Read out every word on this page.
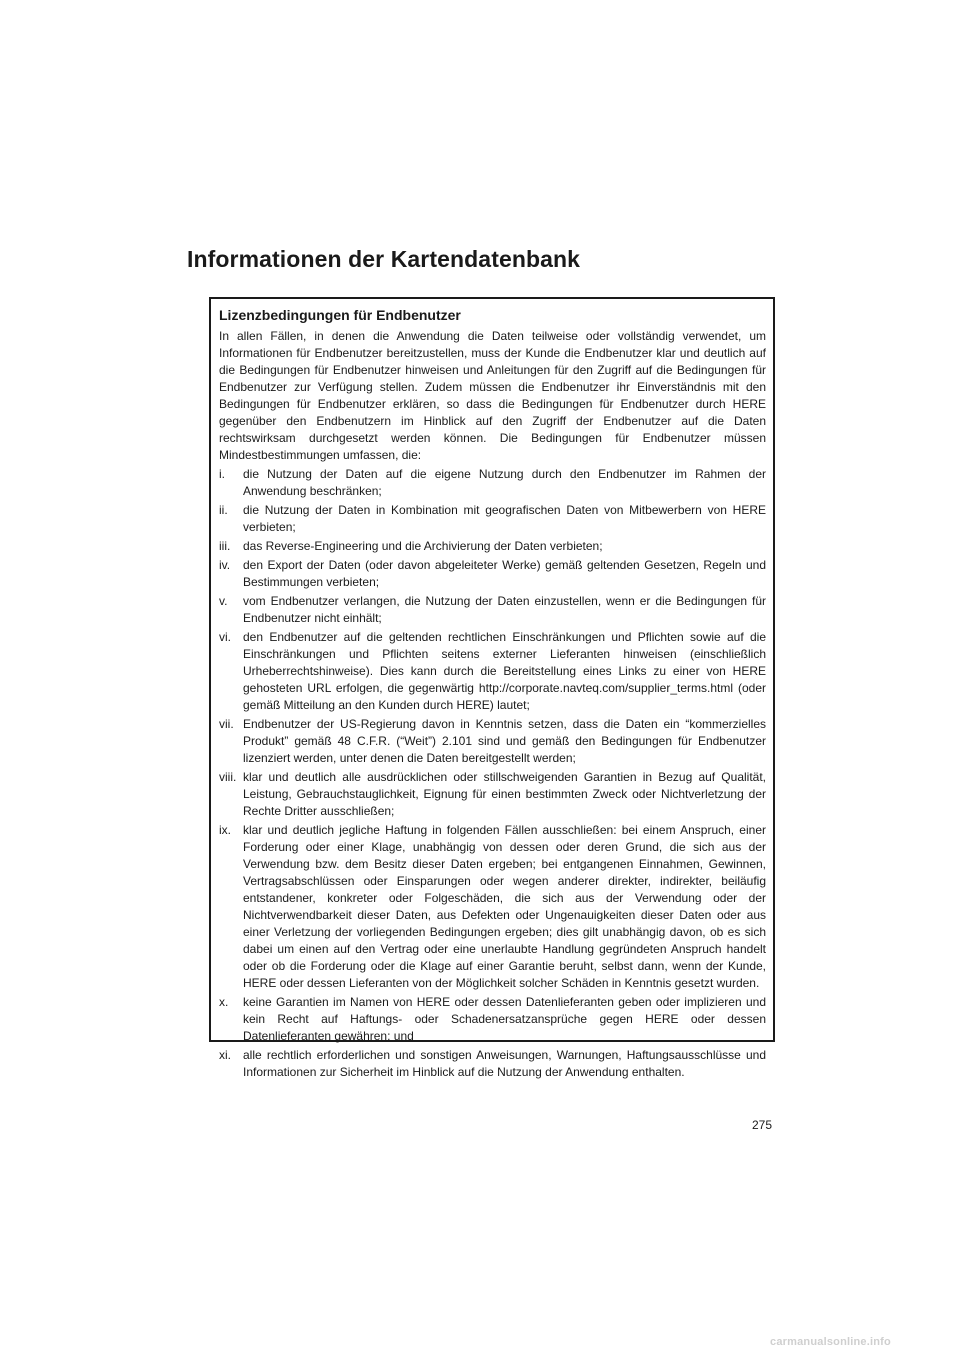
Informationen der Kartendatenbank
Lizenzbedingungen für Endbenutzer

In allen Fällen, in denen die Anwendung die Daten teilweise oder vollständig verwendet, um Informationen für Endbenutzer bereitzustellen, muss der Kunde die Endbenutzer klar und deutlich auf die Bedingungen für Endbenutzer hinweisen und Anleitungen für den Zugriff auf die Bedingungen für Endbenutzer zur Verfügung stellen. Zudem müssen die Endbenutzer ihr Einverständnis mit den Bedingungen für Endbenutzer erklären, so dass die Bedingungen für Endbenutzer durch HERE gegenüber den Endbenutzern im Hinblick auf den Zugriff der Endbenutzer auf die Daten rechtswirksam durchgesetzt werden können. Die Bedingungen für Endbenutzer müssen Mindestbestimmungen umfassen, die:

i. die Nutzung der Daten auf die eigene Nutzung durch den Endbenutzer im Rahmen der Anwendung beschränken;
ii. die Nutzung der Daten in Kombination mit geografischen Daten von Mitbewerbern von HERE verbieten;
iii. das Reverse-Engineering und die Archivierung der Daten verbieten;
iv. den Export der Daten (oder davon abgeleiteter Werke) gemäß geltenden Gesetzen, Regeln und Bestimmungen verbieten;
v. vom Endbenutzer verlangen, die Nutzung der Daten einzustellen, wenn er die Bedingungen für Endbenutzer nicht einhält;
vi. den Endbenutzer auf die geltenden rechtlichen Einschränkungen und Pflichten sowie auf die Einschränkungen und Pflichten seitens externer Lieferanten hinweisen (einschließlich Urheberrechtshinweise). Dies kann durch die Bereitstellung eines Links zu einer von HERE gehosteten URL erfolgen, die gegenwärtig http://corporate.navteq.com/supplier_terms.html (oder gemäß Mitteilung an den Kunden durch HERE) lautet;
vii. Endbenutzer der US-Regierung davon in Kenntnis setzen, dass die Daten ein “kommerzielles Produkt” gemäß 48 C.F.R. (“Weit”) 2.101 sind und gemäß den Bedingungen für Endbenutzer lizenziert werden, unter denen die Daten bereitgestellt werden;
viii. klar und deutlich alle ausdrücklichen oder stillschweigenden Garantien in Bezug auf Qualität, Leistung, Gebrauchstauglichkeit, Eignung für einen bestimmten Zweck oder Nichtverletzung der Rechte Dritter ausschließen;
ix. klar und deutlich jegliche Haftung in folgenden Fällen ausschließen: bei einem Anspruch, einer Forderung oder einer Klage, unabhängig von dessen oder deren Grund, die sich aus der Verwendung bzw. dem Besitz dieser Daten ergeben; bei entgangenen Einnahmen, Gewinnen, Vertragsabschlüssen oder Einsparungen oder wegen anderer direkter, indirekter, beiläufig entstandener, konkreter oder Folgeschäden, die sich aus der Verwendung oder der Nichtverwendbarkeit dieser Daten, aus Defekten oder Ungenauigkeiten dieser Daten oder aus einer Verletzung der vorliegenden Bedingungen ergeben; dies gilt unabhängig davon, ob es sich dabei um einen auf den Vertrag oder eine unerlaubte Handlung gegründeten Anspruch handelt oder ob die Forderung oder die Klage auf einer Garantie beruht, selbst dann, wenn der Kunde, HERE oder dessen Lieferanten von der Möglichkeit solcher Schäden in Kenntnis gesetzt wurden.
x. keine Garantien im Namen von HERE oder dessen Datenlieferanten geben oder implizieren und kein Recht auf Haftungs- oder Schadenersatzansprüche gegen HERE oder dessen Datenlieferanten gewähren; und
xi. alle rechtlich erforderlichen und sonstigen Anweisungen, Warnungen, Haftungsausschlüsse und Informationen zur Sicherheit im Hinblick auf die Nutzung der Anwendung enthalten.
275
carmanualsonline.info
